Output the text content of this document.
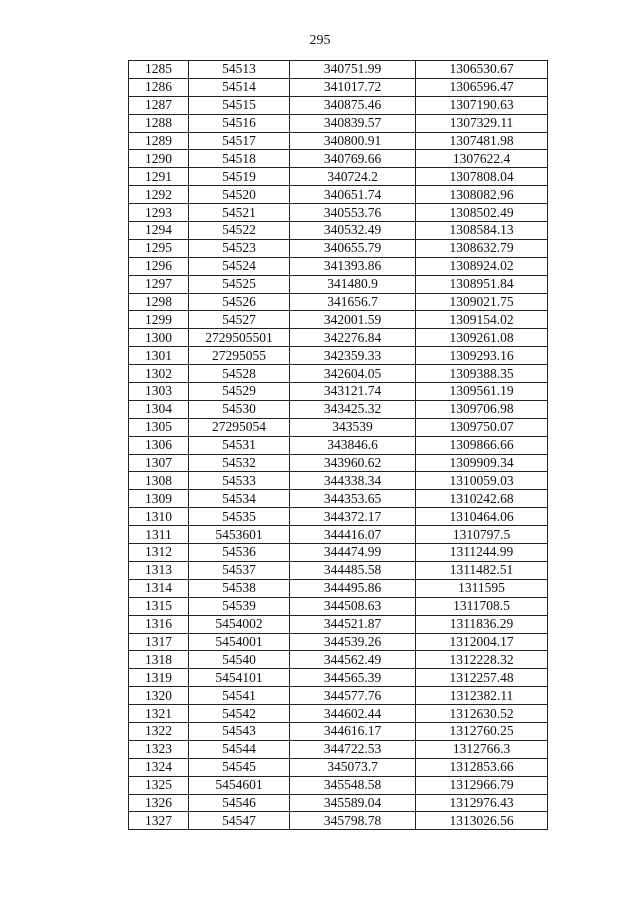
295
1285	54513	340751.99	1306530.67
1286	54514	341017.72	1306596.47
1287	54515	340875.46	1307190.63
1288	54516	340839.57	1307329.11
1289	54517	340800.91	1307481.98
1290	54518	340769.66	1307622.4
1291	54519	340724.2	1307808.04
1292	54520	340651.74	1308082.96
1293	54521	340553.76	1308502.49
1294	54522	340532.49	1308584.13
1295	54523	340655.79	1308632.79
1296	54524	341393.86	1308924.02
1297	54525	341480.9	1308951.84
1298	54526	341656.7	1309021.75
1299	54527	342001.59	1309154.02
1300	2729505501	342276.84	1309261.08
1301	27295055	342359.33	1309293.16
1302	54528	342604.05	1309388.35
1303	54529	343121.74	1309561.19
1304	54530	343425.32	1309706.98
1305	27295054	343539	1309750.07
1306	54531	343846.6	1309866.66
1307	54532	343960.62	1309909.34
1308	54533	344338.34	1310059.03
1309	54534	344353.65	1310242.68
1310	54535	344372.17	1310464.06
1311	5453601	344416.07	1310797.5
1312	54536	344474.99	1311244.99
1313	54537	344485.58	1311482.51
1314	54538	344495.86	1311595
1315	54539	344508.63	1311708.5
1316	5454002	344521.87	1311836.29
1317	5454001	344539.26	1312004.17
1318	54540	344562.49	1312228.32
1319	5454101	344565.39	1312257.48
1320	54541	344577.76	1312382.11
1321	54542	344602.44	1312630.52
1322	54543	344616.17	1312760.25
1323	54544	344722.53	1312766.3
1324	54545	345073.7	1312853.66
1325	5454601	345548.58	1312966.79
1326	54546	345589.04	1312976.43
1327	54547	345798.78	1313026.56
